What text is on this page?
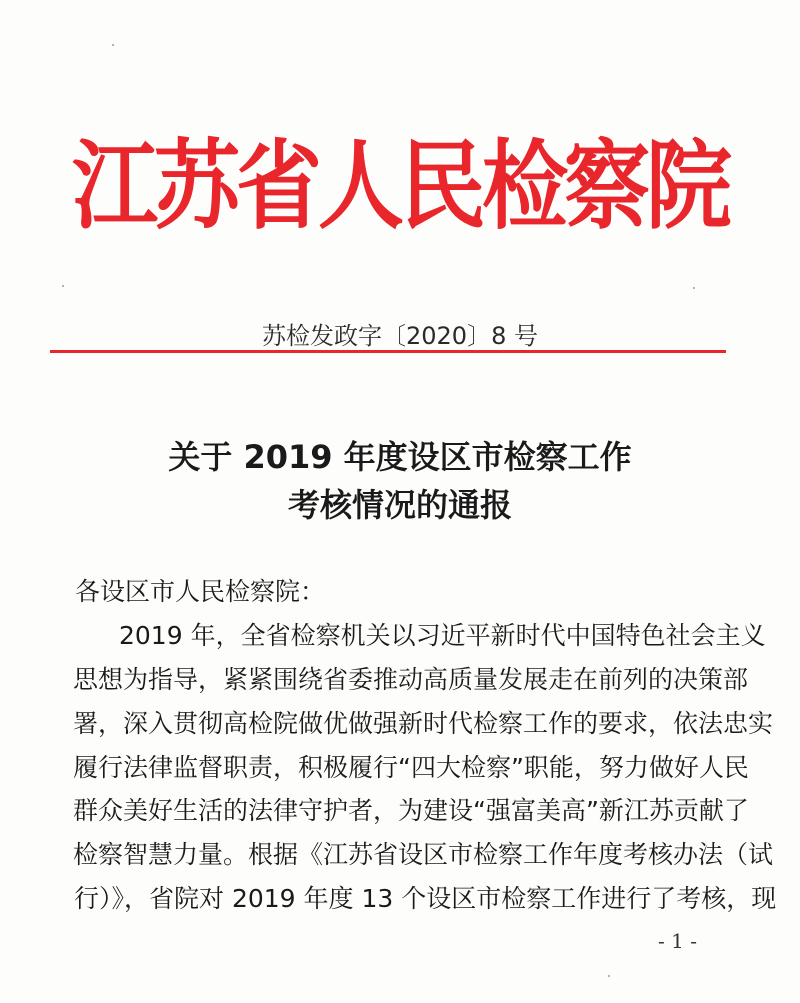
江苏省人民检察院
苏检发政字〔2020〕8 号
关于 2019 年度设区市检察工作
考核情况的通报
各设区市人民检察院：
2019 年，全省检察机关以习近平新时代中国特色社会主义
思想为指导，紧紧围绕省委推动高质量发展走在前列的决策部
署，深入贯彻高检院做优做强新时代检察工作的要求，依法忠实
履行法律监督职责，积极履行“四大检察”职能，努力做好人民
群众美好生活的法律守护者，为建设“强富美高”新江苏贡献了
检察智慧力量。根据《江苏省设区市检察工作年度考核办法（试
行）》，省院对 2019 年度 13 个设区市检察工作进行了考核，现
- 1 -
